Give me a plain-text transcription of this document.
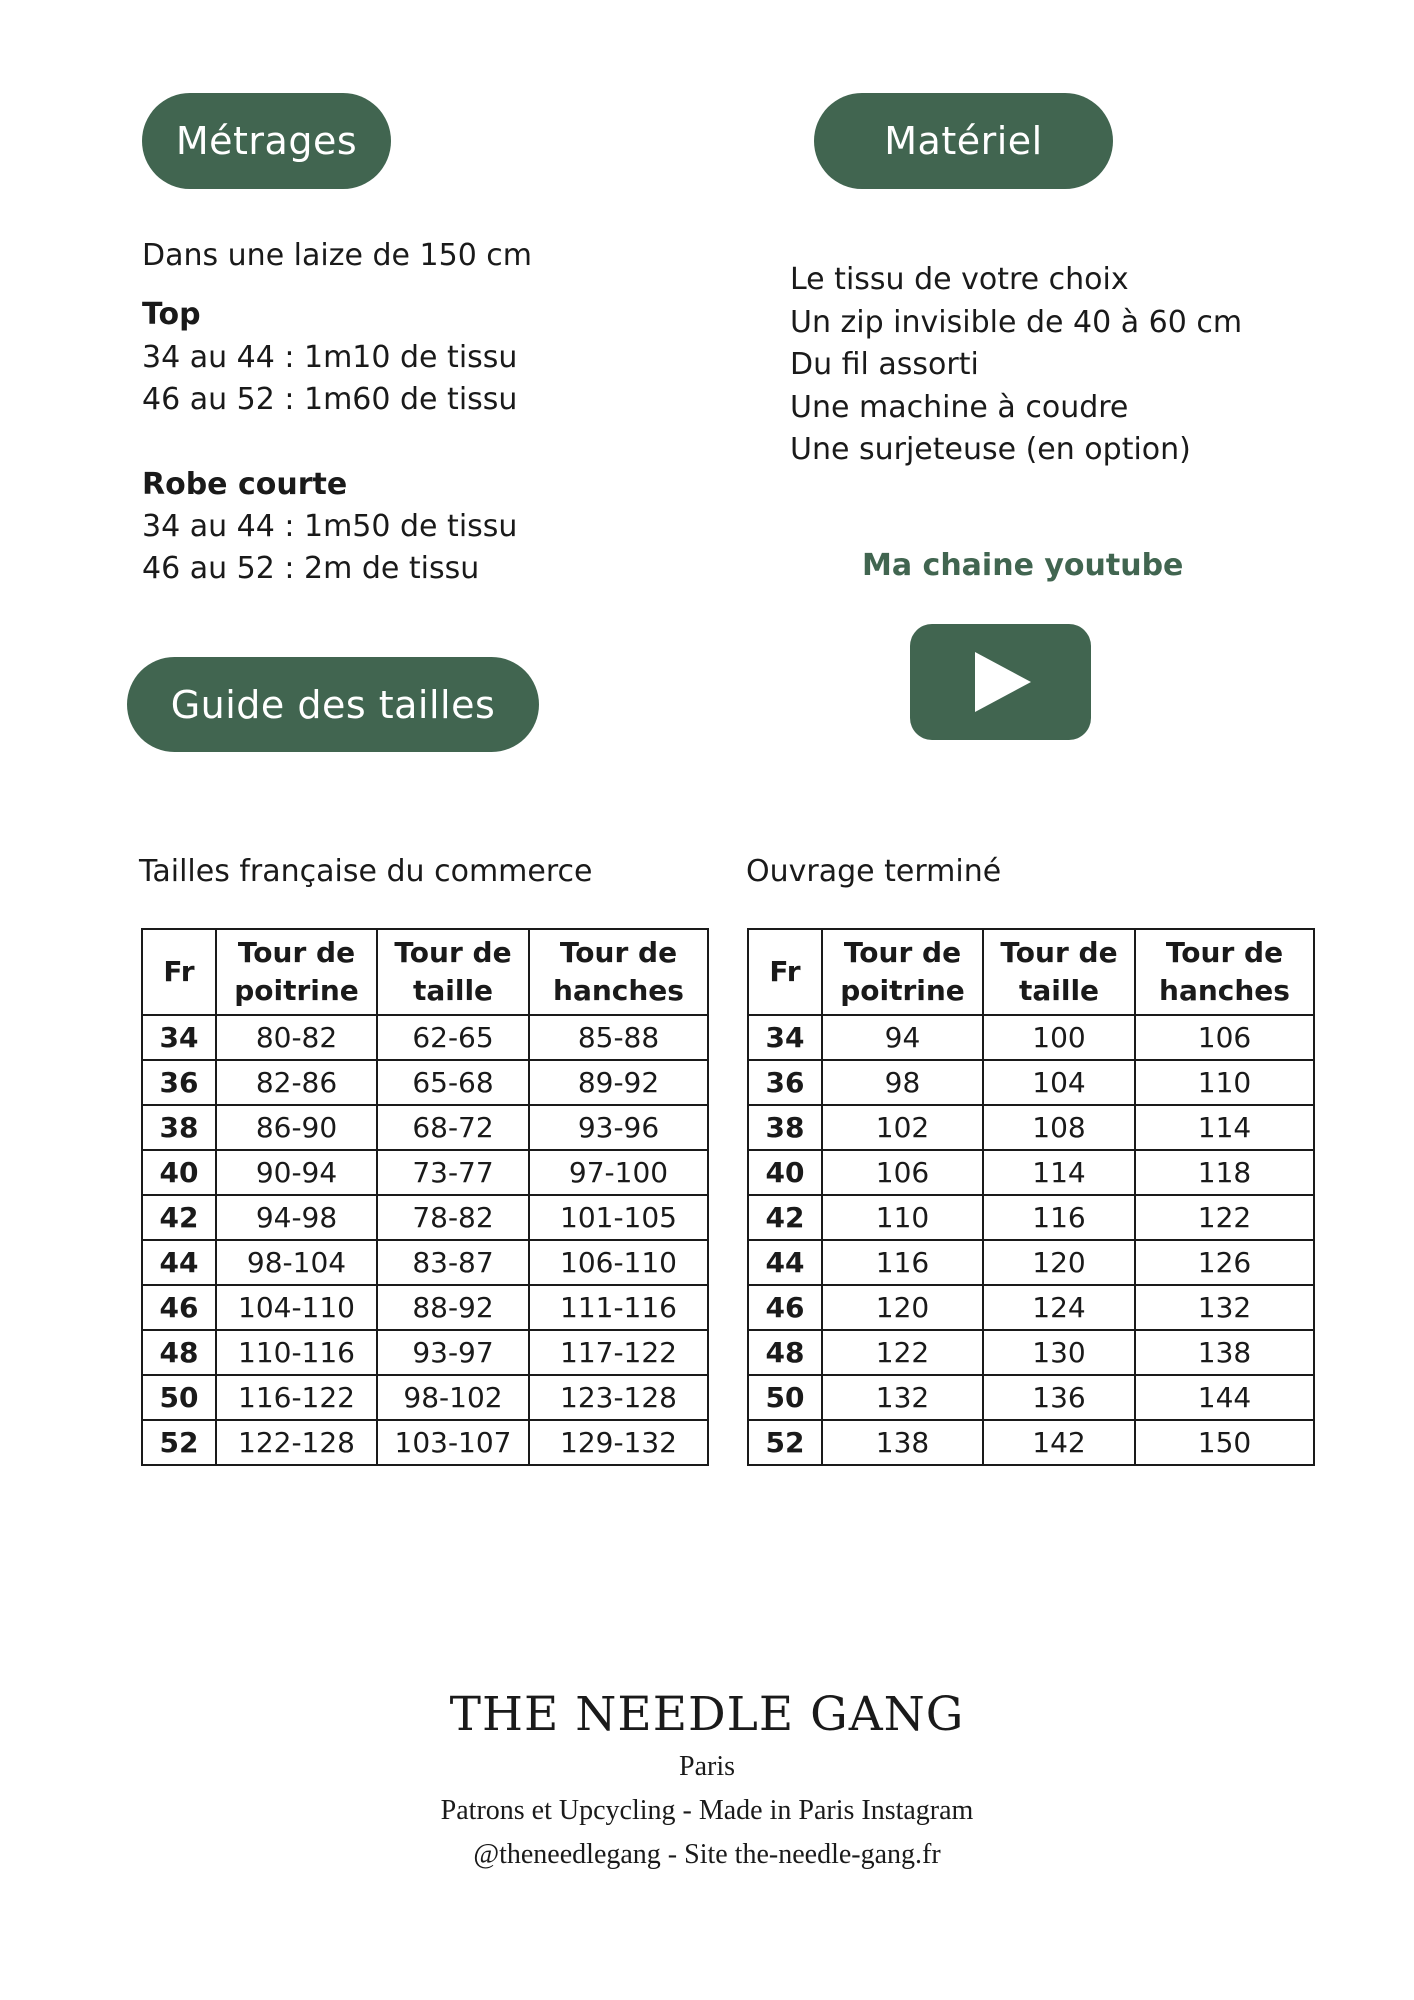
Métrages	Matériel
Dans une laize de 150 cm
Top
34 au 44 : 1m10 de tissu
46 au 52 : 1m60 de tissu
Robe courte
34 au 44 : 1m50 de tissu
46 au 52 : 2m de tissu
Le tissu de votre choix
Un zip invisible de 40 à 60 cm
Du fil assorti
Une machine à coudre
Une surjeteuse (en option)
Ma chaine youtube
Guide des tailles
Tailles française du commerce	Ouvrage terminé
Fr	Tour de poitrine	Tour de taille	Tour de hanches
34	80-82	62-65	85-88
36	82-86	65-68	89-92
38	86-90	68-72	93-96
40	90-94	73-77	97-100
42	94-98	78-82	101-105
44	98-104	83-87	106-110
46	104-110	88-92	111-116
48	110-116	93-97	117-122
50	116-122	98-102	123-128
52	122-128	103-107	129-132
Fr	Tour de poitrine	Tour de taille	Tour de hanches
34	94	100	106
36	98	104	110
38	102	108	114
40	106	114	118
42	110	116	122
44	116	120	126
46	120	124	132
48	122	130	138
50	132	136	144
52	138	142	150
THE NEEDLE GANG
Paris
Patrons et Upcycling - Made in Paris Instagram
@theneedlegang - Site the-needle-gang.fr
